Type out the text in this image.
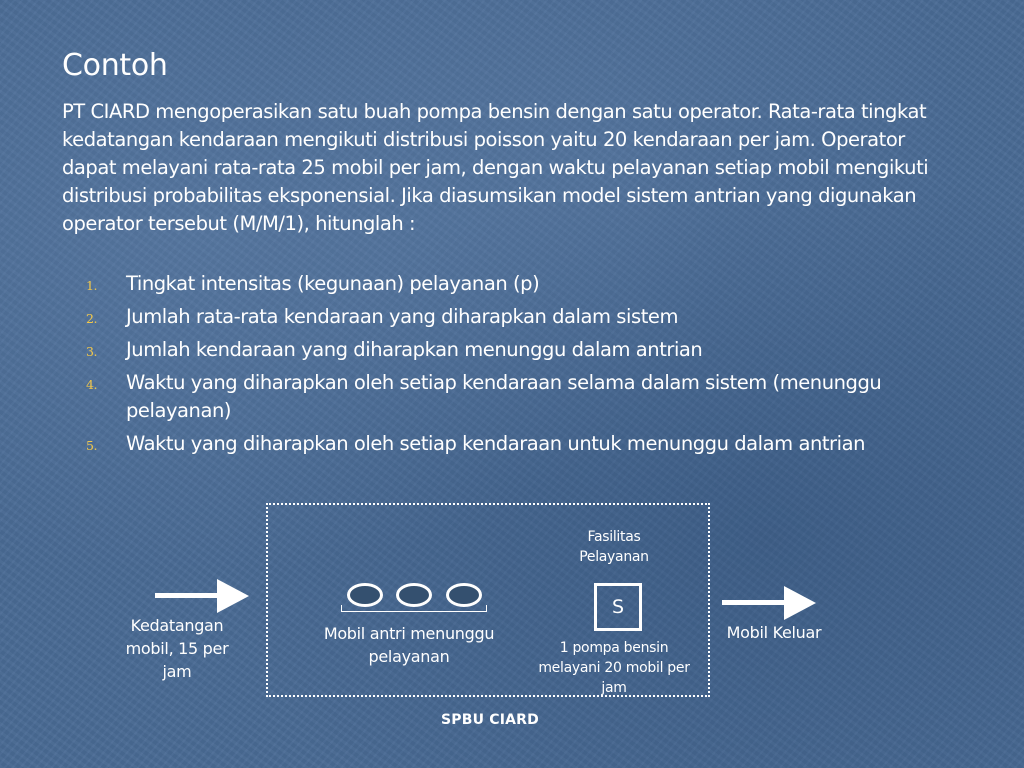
Contoh

PT CIARD mengoperasikan satu buah pompa bensin dengan satu operator. Rata-rata tingkat kedatangan kendaraan mengikuti distribusi poisson yaitu 20 kendaraan per jam. Operator dapat melayani rata-rata 25 mobil per jam, dengan waktu pelayanan setiap mobil mengikuti distribusi probabilitas eksponensial. Jika diasumsikan model sistem antrian yang digunakan operator tersebut (M/M/1), hitunglah :

1.	Tingkat intensitas (kegunaan) pelayanan (p)
2.	Jumlah rata-rata kendaraan yang diharapkan dalam sistem
3.	Jumlah kendaraan yang diharapkan menunggu dalam antrian
4.	Waktu yang diharapkan oleh setiap kendaraan selama dalam sistem (menunggu pelayanan)
5.	Waktu yang diharapkan oleh setiap kendaraan untuk menunggu dalam antrian
Kedatangan mobil, 15 per jam
Mobil antri menunggu pelayanan
Fasilitas Pelayanan
S
1 pompa bensin melayani 20 mobil per jam
Mobil Keluar
SPBU CIARD
